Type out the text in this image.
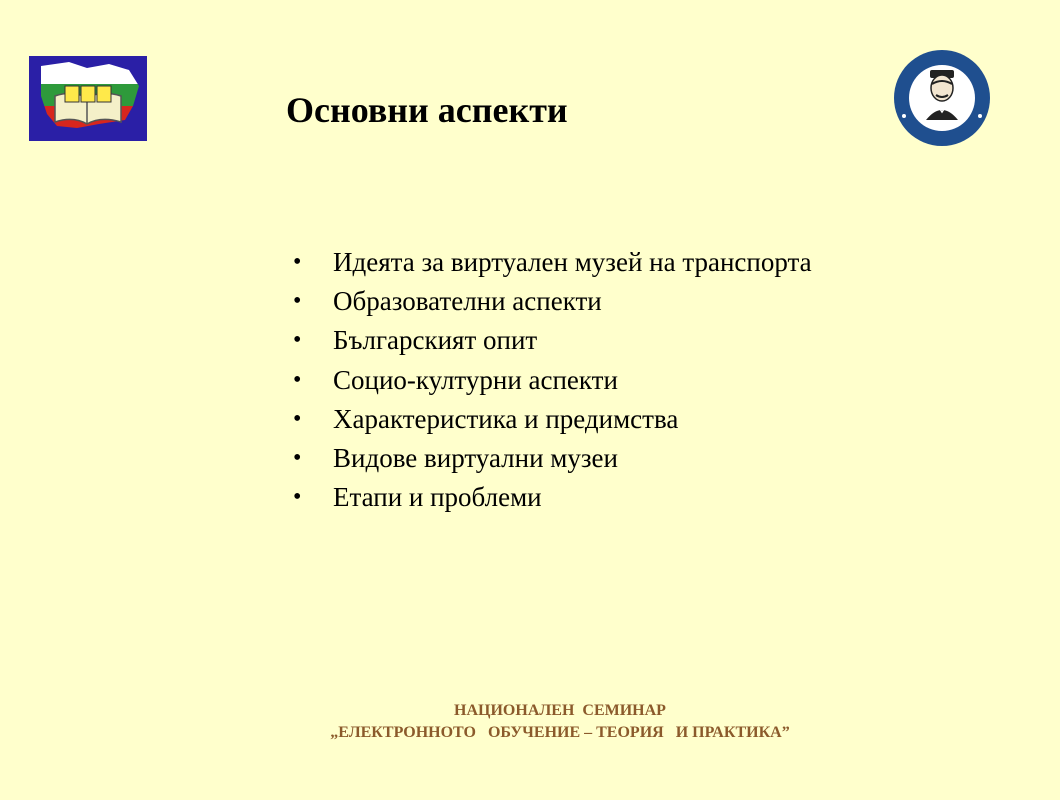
Основни аспекти
•	Идеята за виртуален музей на транспорта
•	Образователни аспекти
•	Българският опит
•	Социо-културни аспекти
•	Характеристика и предимства
•	Видове виртуални музеи
•	Етапи и проблеми
НАЦИОНАЛЕН  СЕМИНАР
„ЕЛЕКТРОННОТО   ОБУЧЕНИЕ – ТЕОРИЯ   И ПРАКТИКА”
